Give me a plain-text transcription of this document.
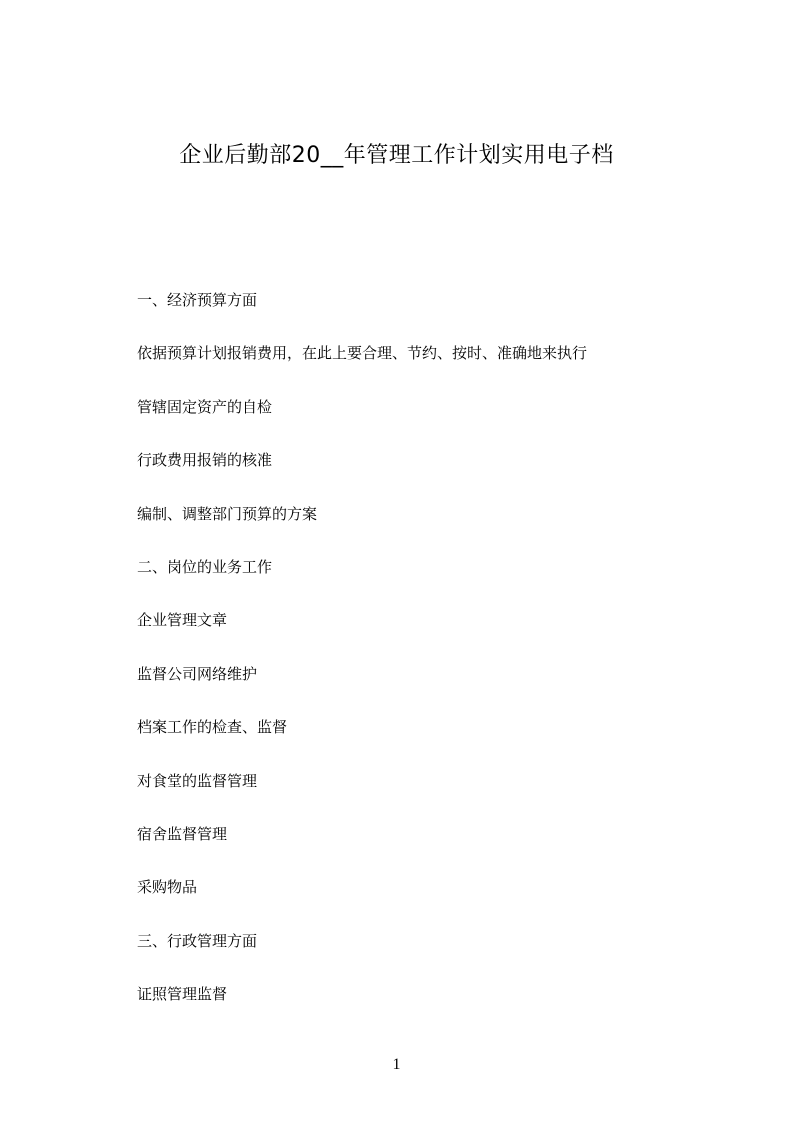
企业后勤部20__年管理工作计划实用电子档
一、经济预算方面
依据预算计划报销费用，在此上要合理、节约、按时、准确地来执行
管辖固定资产的自检
行政费用报销的核准
编制、调整部门预算的方案
二、岗位的业务工作
企业管理文章
监督公司网络维护
档案工作的检查、监督
对食堂的监督管理
宿舍监督管理
采购物品
三、行政管理方面
证照管理监督
1
